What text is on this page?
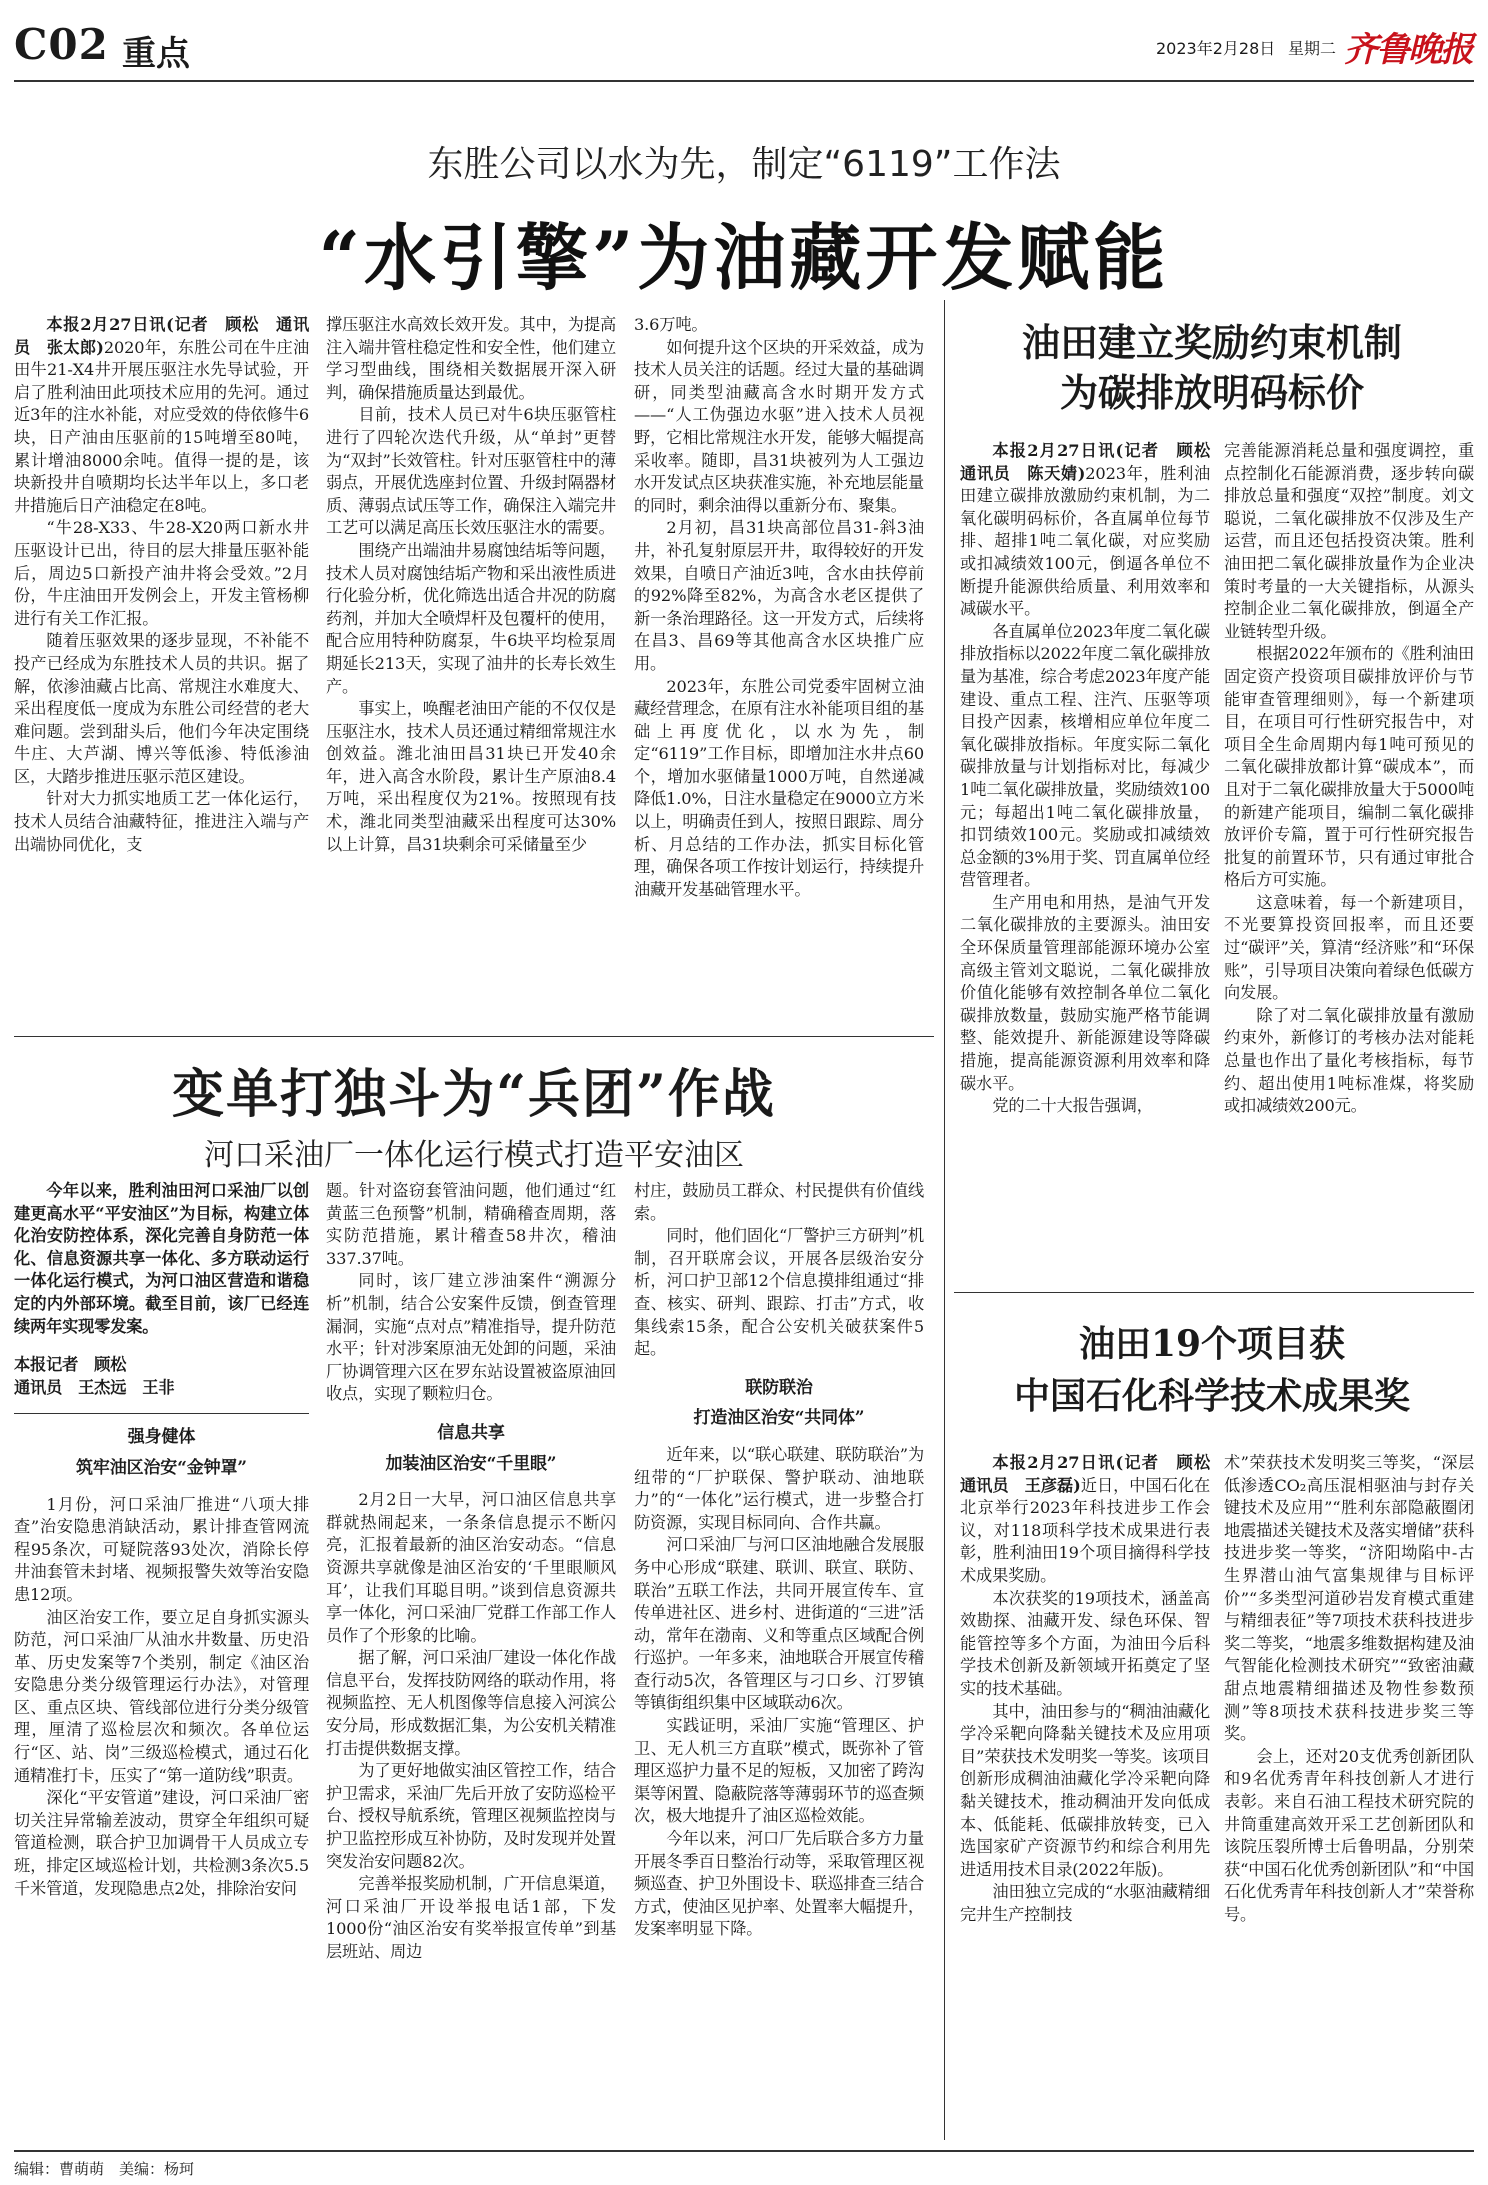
C02 重点	2023年2月28日 星期二 齐鲁晚报
东胜公司以水为先，制定“6119”工作法
“水引擎”为油藏开发赋能

本报2月27日讯(记者　顾松　通讯员　张太郎)2020年，东胜公司在牛庄油田牛21-X4井开展压驱注水先导试验，开启了胜利油田此项技术应用的先河。通过近3年的注水补能，对应受效的侍依修牛6块，日产油由压驱前的15吨增至80吨，累计增油8000余吨。值得一提的是，该块新投井自喷期均长达半年以上，多口老井措施后日产油稳定在8吨。

“牛28-X33、牛28-X20两口新水井压驱设计已出，待目的层大排量压驱补能后，周边5口新投产油井将会受效。”2月份，牛庄油田开发例会上，开发主管杨柳进行有关工作汇报。

随着压驱效果的逐步显现，不补能不投产已经成为东胜技术人员的共识。据了解，依渗油藏占比高、常规注水难度大、采出程度低一度成为东胜公司经营的老大难问题。尝到甜头后，他们今年决定围绕牛庄、大芦湖、博兴等低渗、特低渗油区，大踏步推进压驱示范区建设。

针对大力抓实地质工艺一体化运行，技术人员结合油藏特征，推进注入端与产出端协同优化，支

撑压驱注水高效长效开发。其中，为提高注入端井管柱稳定性和安全性，他们建立学习型曲线，围绕相关数据展开深入研判，确保措施质量达到最优。

目前，技术人员已对牛6块压驱管柱进行了四轮次迭代升级，从“单封”更替为“双封”长效管柱。针对压驱管柱中的薄弱点，开展优选座封位置、升级封隔器材质、薄弱点试压等工作，确保注入端完井工艺可以满足高压长效压驱注水的需要。

围绕产出端油井易腐蚀结垢等问题，技术人员对腐蚀结垢产物和采出液性质进行化验分析，优化筛选出适合井况的防腐药剂，并加大全喷焊杆及包覆杆的使用，配合应用特种防腐泵，牛6块平均检泵周期延长213天，实现了油井的长寿长效生产。

事实上，唤醒老油田产能的不仅仅是压驱注水，技术人员还通过精细常规注水创效益。潍北油田昌31块已开发40余年，进入高含水阶段，累计生产原油8.4万吨，采出程度仅为21%。按照现有技术，潍北同类型油藏采出程度可达30%以上计算，昌31块剩余可采储量至少

3.6万吨。

如何提升这个区块的开采效益，成为技术人员关注的话题。经过大量的基础调研，同类型油藏高含水时期开发方式——“人工伪强边水驱”进入技术人员视野，它相比常规注水开发，能够大幅提高采收率。随即，昌31块被列为人工强边水开发试点区块获准实施，补充地层能量的同时，剩余油得以重新分布、聚集。

2月初，昌31块高部位昌31-斜3油井，补孔复射原层开井，取得较好的开发效果，自喷日产油近3吨，含水由扶停前的92%降至82%，为高含水老区提供了新一条治理路径。这一开发方式，后续将在昌3、昌69等其他高含水区块推广应用。

2023年，东胜公司党委牢固树立油藏经营理念，在原有注水补能项目组的基础上再度优化，以水为先，制定“6119”工作目标，即增加注水井点60个，增加水驱储量1000万吨，自然递减降低1.0%，日注水量稳定在9000立方米以上，明确责任到人，按照日跟踪、周分析、月总结的工作办法，抓实目标化管理，确保各项工作按计划运行，持续提升油藏开发基础管理水平。

油田建立奖励约束机制
为碳排放明码标价

本报2月27日讯(记者　顾松　通讯员　陈天婧)2023年，胜利油田建立碳排放激励约束机制，为二氧化碳明码标价，各直属单位每节排、超排1吨二氧化碳，对应奖励或扣减绩效100元，倒逼各单位不断提升能源供给质量、利用效率和减碳水平。

各直属单位2023年度二氧化碳排放指标以2022年度二氧化碳排放量为基准，综合考虑2023年度产能建设、重点工程、注汽、压驱等项目投产因素，核增相应单位年度二氧化碳排放指标。年度实际二氧化碳排放量与计划指标对比，每减少1吨二氧化碳排放量，奖励绩效100元；每超出1吨二氧化碳排放量，扣罚绩效100元。奖励或扣减绩效总金额的3%用于奖、罚直属单位经营管理者。

生产用电和用热，是油气开发二氧化碳排放的主要源头。油田安全环保质量管理部能源环境办公室高级主管刘文聪说，二氧化碳排放价值化能够有效控制各单位二氧化碳排放数量，鼓励实施严格节能调整、能效提升、新能源建设等降碳措施，提高能源资源利用效率和降碳水平。

党的二十大报告强调，

完善能源消耗总量和强度调控，重点控制化石能源消费，逐步转向碳排放总量和强度“双控”制度。刘文聪说，二氧化碳排放不仅涉及生产运营，而且还包括投资决策。胜利油田把二氧化碳排放量作为企业决策时考量的一大关键指标，从源头控制企业二氧化碳排放，倒逼全产业链转型升级。

根据2022年颁布的《胜利油田固定资产投资项目碳排放评价与节能审查管理细则》，每一个新建项目，在项目可行性研究报告中，对项目全生命周期内每1吨可预见的二氧化碳排放都计算“碳成本”，而且对于二氧化碳排放量大于5000吨的新建产能项目，编制二氧化碳排放评价专篇，置于可行性研究报告批复的前置环节，只有通过审批合格后方可实施。

这意味着，每一个新建项目，不光要算投资回报率，而且还要过“碳评”关，算清“经济账”和“环保账”，引导项目决策向着绿色低碳方向发展。

除了对二氧化碳排放量有激励约束外，新修订的考核办法对能耗总量也作出了量化考核指标，每节约、超出使用1吨标准煤，将奖励或扣减绩效200元。

油田19个项目获
中国石化科学技术成果奖

本报2月27日讯(记者　顾松　通讯员　王彦磊)近日，中国石化在北京举行2023年科技进步工作会议，对118项科学技术成果进行表彰，胜利油田19个项目摘得科学技术成果奖励。

本次获奖的19项技术，涵盖高效勘探、油藏开发、绿色环保、智能管控等多个方面，为油田今后科学技术创新及新领域开拓奠定了坚实的技术基础。

其中，油田参与的“稠油油藏化学冷采靶向降黏关键技术及应用项目”荣获技术发明奖一等奖。该项目创新形成稠油油藏化学冷采靶向降黏关键技术，推动稠油开发向低成本、低能耗、低碳排放转变，已入选国家矿产资源节约和综合利用先进适用技术目录(2022年版)。

油田独立完成的“水驱油藏精细完井生产控制技

术”荣获技术发明奖三等奖，“深层低渗透CO₂高压混相驱油与封存关键技术及应用”“胜利东部隐蔽圈闭地震描述关键技术及落实增储”获科技进步奖一等奖，“济阳坳陷中-古生界潜山油气富集规律与目标评价”“多类型河道砂岩发育模式重建与精细表征”等7项技术获科技进步奖二等奖，“地震多维数据构建及油气智能化检测技术研究”“致密油藏甜点地震精细描述及物性参数预测”等8项技术获科技进步奖三等奖。

会上，还对20支优秀创新团队和9名优秀青年科技创新人才进行表彰。来自石油工程技术研究院的井筒重建高效开采工艺创新团队和该院压裂所博士后鲁明晶，分别荣获“中国石化优秀创新团队”和“中国石化优秀青年科技创新人才”荣誉称号。

变单打独斗为“兵团”作战
河口采油厂一体化运行模式打造平安油区

今年以来，胜利油田河口采油厂以创建更高水平“平安油区”为目标，构建立体化治安防控体系，深化完善自身防范一体化、信息资源共享一体化、多方联动运行一体化运行模式，为河口油区营造和谐稳定的内外部环境。截至目前，该厂已经连续两年实现零发案。

本报记者　顾松
通讯员　王杰远　王非
强身健体
筑牢油区治安“金钟罩”

1月份，河口采油厂推进“八项大排查”治安隐患消缺活动，累计排查管网流程95条次，可疑院落93处次，消除长停井油套管未封堵、视频报警失效等治安隐患12项。

油区治安工作，要立足自身抓实源头防范，河口采油厂从油水井数量、历史沿革、历史发案等7个类别，制定《油区治安隐患分类分级管理运行办法》，对管理区、重点区块、管线部位进行分类分级管理，厘清了巡检层次和频次。各单位运行“区、站、岗”三级巡检模式，通过石化通精准打卡，压实了“第一道防线”职责。

深化“平安管道”建设，河口采油厂密切关注异常输差波动，贯穿全年组织可疑管道检测，联合护卫加调骨干人员成立专班，排定区域巡检计划，共检测3条次5.5千米管道，发现隐患点2处，排除治安问

题。针对盗窃套管油问题，他们通过“红黄蓝三色预警”机制，精确稽查周期，落实防范措施，累计稽查58井次，稽油337.37吨。

同时，该厂建立涉油案件“溯源分析”机制，结合公安案件反馈，倒查管理漏洞，实施“点对点”精准指导，提升防范水平；针对涉案原油无处卸的问题，采油厂协调管理六区在罗东站设置被盗原油回收点，实现了颗粒归仓。

信息共享
加装油区治安“千里眼”

2月2日一大早，河口油区信息共享群就热闹起来，一条条信息提示不断闪亮，汇报着最新的油区治安动态。“信息资源共享就像是油区治安的‘千里眼顺风耳’，让我们耳聪目明。”谈到信息资源共享一体化，河口采油厂党群工作部工作人员作了个形象的比喻。

据了解，河口采油厂建设一体化作战信息平台，发挥技防网络的联动作用，将视频监控、无人机图像等信息接入河滨公安分局，形成数据汇集，为公安机关精准打击提供数据支撑。

为了更好地做实油区管控工作，结合护卫需求，采油厂先后开放了安防巡检平台、授权导航系统，管理区视频监控岗与护卫监控形成互补协防，及时发现并处置突发治安问题82次。

完善举报奖励机制，广开信息渠道，河口采油厂开设举报电话1部，下发1000份“油区治安有奖举报宣传单”到基层班站、周边

村庄，鼓励员工群众、村民提供有价值线索。

同时，他们固化“厂警护三方研判”机制，召开联席会议，开展各层级治安分析，河口护卫部12个信息摸排组通过“排查、核实、研判、跟踪、打击”方式，收集线索15条，配合公安机关破获案件5起。

联防联治
打造油区治安“共同体”

近年来，以“联心联建、联防联治”为纽带的“厂护联保、警护联动、油地联力”的“一体化”运行模式，进一步整合打防资源，实现目标同向、合作共赢。

河口采油厂与河口区油地融合发展服务中心形成“联建、联训、联宣、联防、联治”五联工作法，共同开展宣传车、宣传单进社区、进乡村、进街道的“三进”活动，常年在渤南、义和等重点区域配合例行巡护。一年多来，油地联合开展宣传稽查行动5次，各管理区与刁口乡、汀罗镇等镇街组织集中区域联动6次。

实践证明，采油厂实施“管理区、护卫、无人机三方直联”模式，既弥补了管理区巡护力量不足的短板，又加密了跨沟渠等闲置、隐蔽院落等薄弱环节的巡查频次，极大地提升了油区巡检效能。

今年以来，河口厂先后联合多方力量开展冬季百日整治行动等，采取管理区视频巡查、护卫外围设卡、联巡排查三结合方式，使油区见护率、处置率大幅提升，发案率明显下降。

编辑：曹萌萌　美编：杨珂
